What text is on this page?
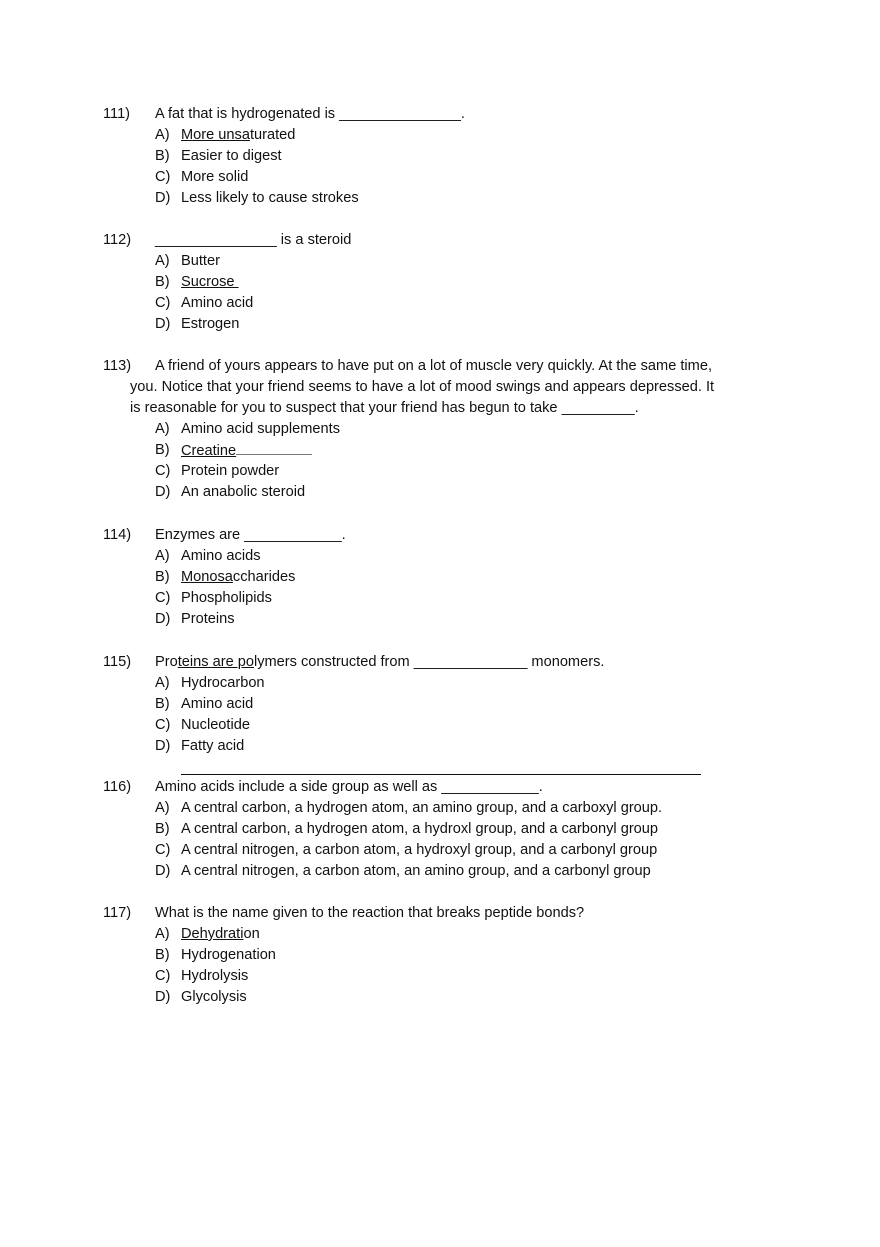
111) A fat that is hydrogenated is _______________.
A) More unsaturated
B) Easier to digest
C) More solid
D) Less likely to cause strokes
112) _______________ is a steroid
A) Butter
B) Sucrose
C) Amino acid
D) Estrogen
113) A friend of yours appears to have put on a lot of muscle very quickly. At the same time,
you. Notice that your friend seems to have a lot of mood swings and appears depressed. It
is reasonable for you to suspect that your friend has begun to take _________.
A) Amino acid supplements
B) Creatine
C) Protein powder
D) An anabolic steroid
114) Enzymes are ____________.
A) Amino acids
B) Monosaccharides
C) Phospholipids
D) Proteins
115) Proteins are polymers constructed from ______________ monomers.
A) Hydrocarbon
B) Amino acid
C) Nucleotide
D) Fatty acid
116) Amino acids include a side group as well as ____________.
A) A central carbon, a hydrogen atom, an amino group, and a carboxyl group.
B) A central carbon, a hydrogen atom, a hydroxl group, and a carbonyl group
C) A central nitrogen, a carbon atom, a hydroxyl group, and a carbonyl group
D) A central nitrogen, a carbon atom, an amino group, and a carbonyl group
117) What is the name given to the reaction that breaks peptide bonds?
A) Dehydration
B) Hydrogenation
C) Hydrolysis
D) Glycolysis
